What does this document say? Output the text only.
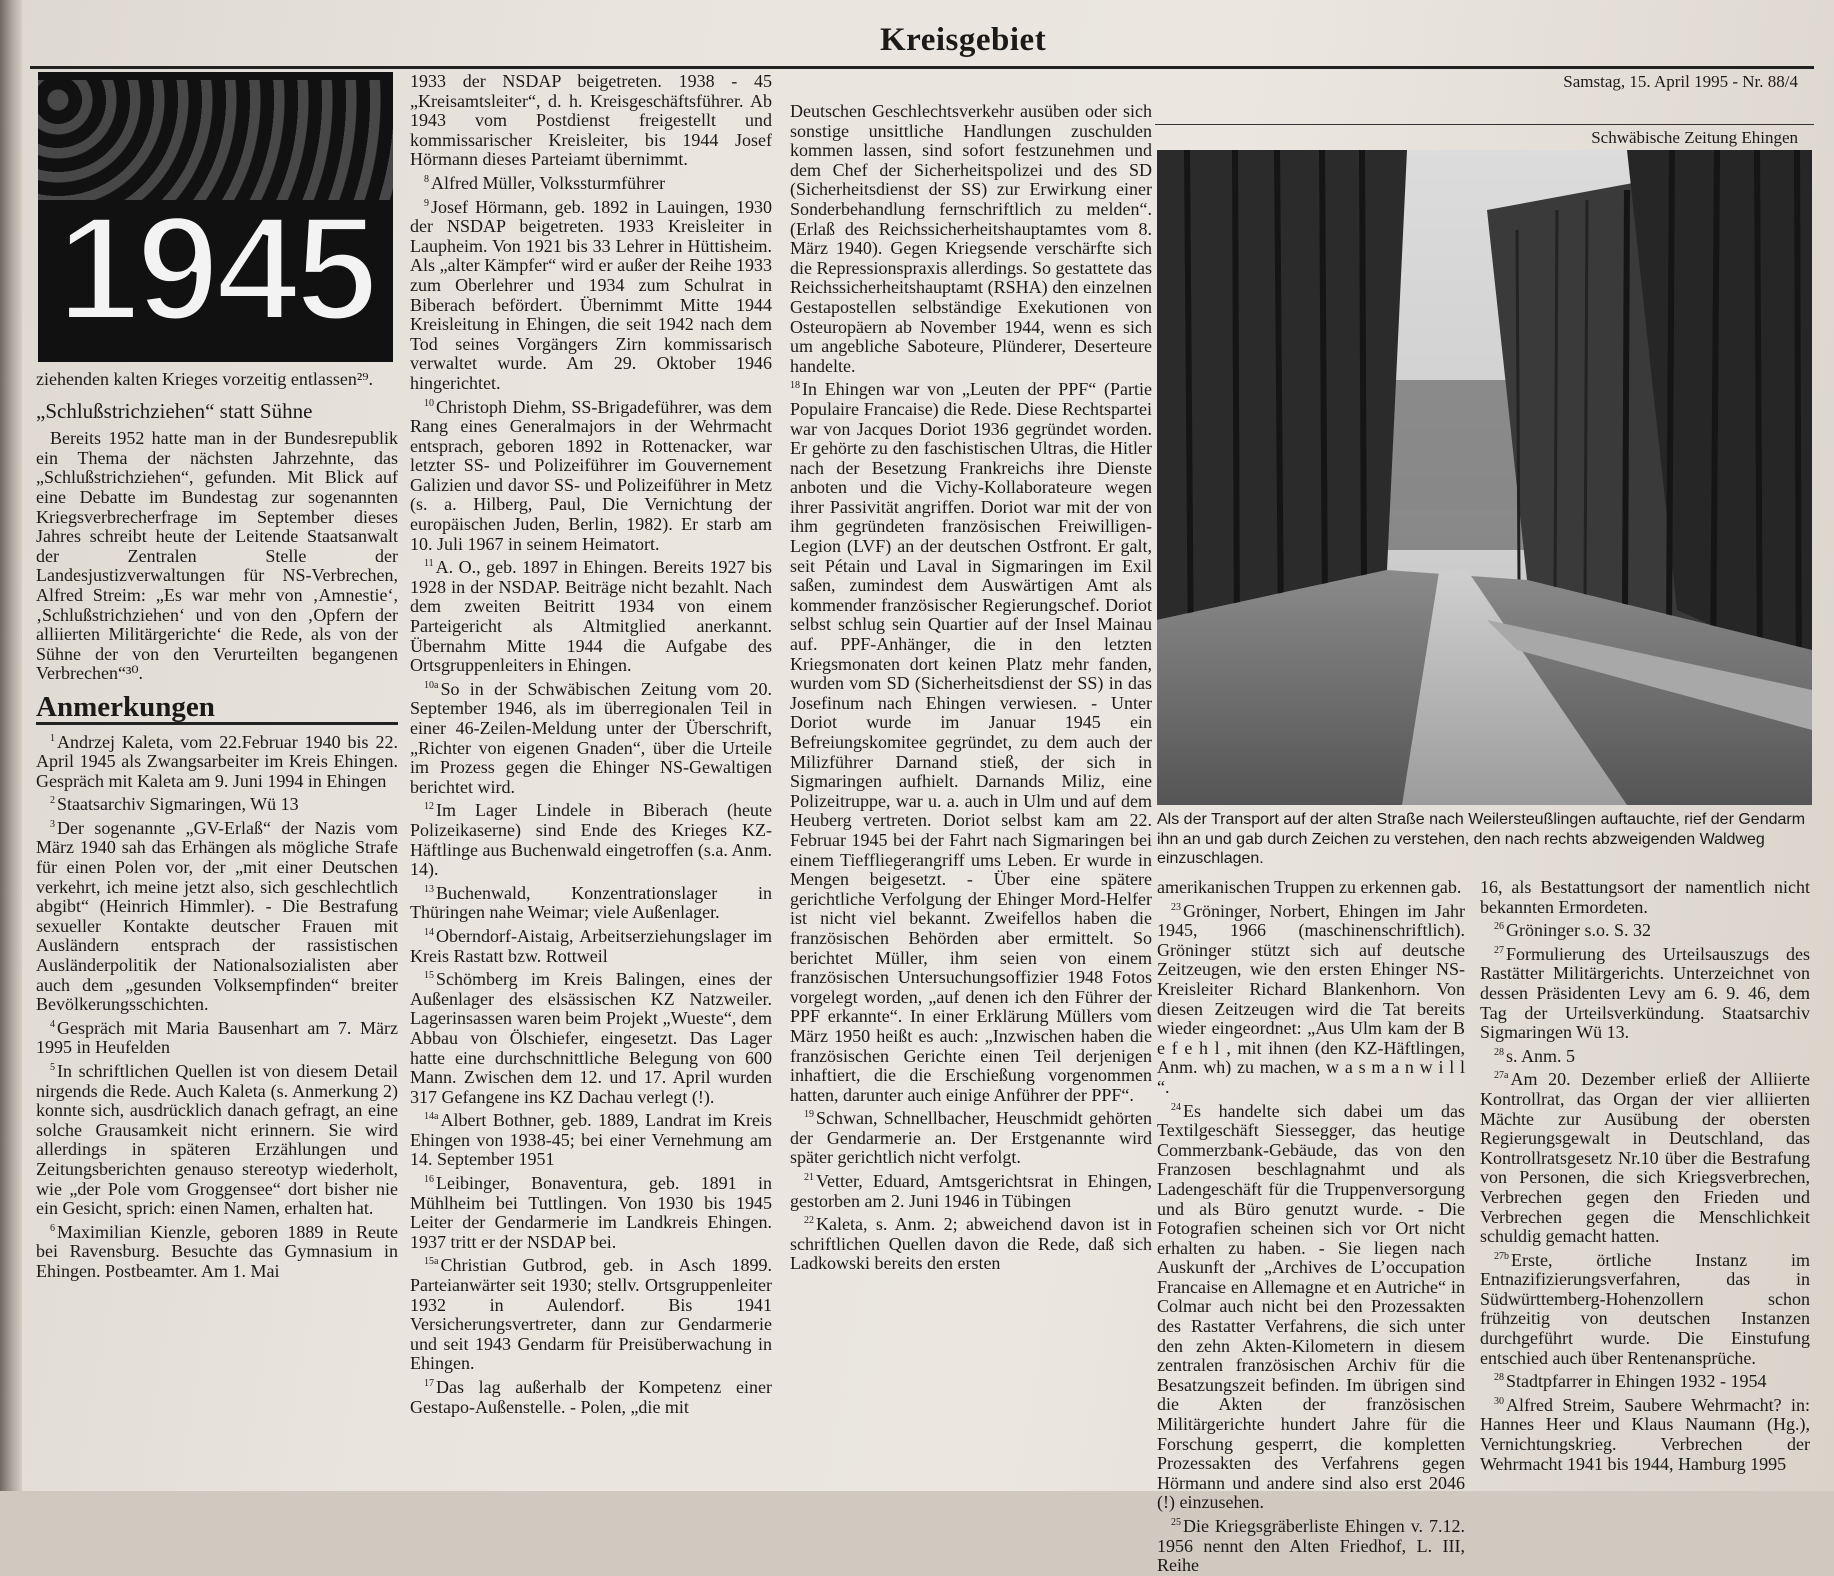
Kreisgebiet
Samstag, 15. April 1995 - Nr. 88/4
Schwäbische Zeitung Ehingen
1945

ziehenden kalten Krieges vorzeitig entlassen²⁹.

„Schlußstrichziehen“ statt Sühne

Bereits 1952 hatte man in der Bundesrepublik ein Thema der nächsten Jahrzehnte, das „Schlußstrichziehen“, gefunden. Mit Blick auf eine Debatte im Bundestag zur sogenannten Kriegsverbrecherfrage im September dieses Jahres schreibt heute der Leitende Staatsanwalt der Zentralen Stelle der Landesjustizverwaltungen für NS-Verbrechen, Alfred Streim: „Es war mehr von ‚Amnestie‘, ‚Schlußstrichziehen‘ und von den ‚Opfern der alliierten Militärgerichte‘ die Rede, als von der Sühne der von den Verurteilten begangenen Verbrechen“³⁰.

Anmerkungen

$^1$ Andrzej Kaleta, vom 22.Februar 1940 bis 22. April 1945 als Zwangsarbeiter im Kreis Ehingen. Gespräch mit Kaleta am 9. Juni 1994 in Ehingen

$^2$ Staatsarchiv Sigmaringen, Wü 13

$^3$ Der sogenannte „GV-Erlaß“ der Nazis vom März 1940 sah das Erhängen als mögliche Strafe für einen Polen vor, der „mit einer Deutschen verkehrt, ich meine jetzt also, sich geschlechtlich abgibt“ (Heinrich Himmler). - Die Bestrafung sexueller Kontakte deutscher Frauen mit Ausländern entsprach der rassistischen Ausländerpolitik der Nationalsozialisten aber auch dem „gesunden Volksempfinden“ breiter Bevölkerungsschichten.

$^4$ Gespräch mit Maria Bausenhart am 7. März 1995 in Heufelden

$^5$ In schriftlichen Quellen ist von diesem Detail nirgends die Rede. Auch Kaleta (s. Anmerkung 2) konnte sich, ausdrücklich danach gefragt, an eine solche Grausamkeit nicht erinnern. Sie wird allerdings in späteren Erzählungen und Zeitungsberichten genauso stereotyp wiederholt, wie „der Pole vom Groggensee“ dort bisher nie ein Gesicht, sprich: einen Namen, erhalten hat.

$^6$ Maximilian Kienzle, geboren 1889 in Reute bei Ravensburg. Besuchte das Gymnasium in Ehingen. Postbeamter. Am 1. Mai

1933 der NSDAP beigetreten. 1938 - 45 „Kreisamtsleiter“, d. h. Kreisgeschäftsführer. Ab 1943 vom Postdienst freigestellt und kommissarischer Kreisleiter, bis 1944 Josef Hörmann dieses Parteiamt übernimmt.

$^8$ Alfred Müller, Volkssturmführer

$^9$ Josef Hörmann, geb. 1892 in Lauingen, 1930 der NSDAP beigetreten. 1933 Kreisleiter in Laupheim. Von 1921 bis 33 Lehrer in Hüttisheim. Als „alter Kämpfer“ wird er außer der Reihe 1933 zum Oberlehrer und 1934 zum Schulrat in Biberach befördert. Übernimmt Mitte 1944 Kreisleitung in Ehingen, die seit 1942 nach dem Tod seines Vorgängers Zirn kommissarisch verwaltet wurde. Am 29. Oktober 1946 hingerichtet.

$^{10}$ Christoph Diehm, SS-Brigadeführer, was dem Rang eines Generalmajors in der Wehrmacht entsprach, geboren 1892 in Rottenacker, war letzter SS- und Polizeiführer im Gouvernement Galizien und davor SS- und Polizeiführer in Metz (s. a. Hilberg, Paul, Die Vernichtung der europäischen Juden, Berlin, 1982). Er starb am 10. Juli 1967 in seinem Heimatort.

$^{11}$ A. O., geb. 1897 in Ehingen. Bereits 1927 bis 1928 in der NSDAP. Beiträge nicht bezahlt. Nach dem zweiten Beitritt 1934 von einem Parteigericht als Altmitglied anerkannt. Übernahm Mitte 1944 die Aufgabe des Ortsgruppenleiters in Ehingen.

$^{10a}$ So in der Schwäbischen Zeitung vom 20. September 1946, als im überregionalen Teil in einer 46-Zeilen-Meldung unter der Überschrift, „Richter von eigenen Gnaden“, über die Urteile im Prozess gegen die Ehinger NS-Gewaltigen berichtet wird.

$^{12}$ Im Lager Lindele in Biberach (heute Polizeikaserne) sind Ende des Krieges KZ-Häftlinge aus Buchenwald eingetroffen (s.a. Anm. 14).

$^{13}$ Buchenwald, Konzentrationslager in Thüringen nahe Weimar; viele Außenlager.

$^{14}$ Oberndorf-Aistaig, Arbeitserziehungslager im Kreis Rastatt bzw. Rottweil

$^{15}$ Schömberg im Kreis Balingen, eines der Außenlager des elsässischen KZ Natzweiler. Lagerinsassen waren beim Projekt „Wueste“, dem Abbau von Ölschiefer, eingesetzt. Das Lager hatte eine durchschnittliche Belegung von 600 Mann. Zwischen dem 12. und 17. April wurden 317 Gefangene ins KZ Dachau verlegt (!).

$^{14a}$ Albert Bothner, geb. 1889, Landrat im Kreis Ehingen von 1938-45; bei einer Vernehmung am 14. September 1951

$^{16}$ Leibinger, Bonaventura, geb. 1891 in Mühlheim bei Tuttlingen. Von 1930 bis 1945 Leiter der Gendarmerie im Landkreis Ehingen. 1937 tritt er der NSDAP bei.

$^{15a}$ Christian Gutbrod, geb. in Asch 1899. Parteianwärter seit 1930; stellv. Ortsgruppenleiter 1932 in Aulendorf. Bis 1941 Versicherungsvertreter, dann zur Gendarmerie und seit 1943 Gendarm für Preisüberwachung in Ehingen.

$^{17}$ Das lag außerhalb der Kompetenz einer Gestapo-Außenstelle. - Polen, „die mit

Deutschen Geschlechtsverkehr ausüben oder sich sonstige unsittliche Handlungen zuschulden kommen lassen, sind sofort festzunehmen und dem Chef der Sicherheitspolizei und des SD (Sicherheitsdienst der SS) zur Erwirkung einer Sonderbehandlung fernschriftlich zu melden“. (Erlaß des Reichssicherheitshauptamtes vom 8. März 1940). Gegen Kriegsende verschärfte sich die Repressionspraxis allerdings. So gestattete das Reichssicherheitshauptamt (RSHA) den einzelnen Gestapostellen selbständige Exekutionen von Osteuropäern ab November 1944, wenn es sich um angebliche Saboteure, Plünderer, Deserteure handelte.

$^{18}$ In Ehingen war von „Leuten der PPF“ (Partie Populaire Francaise) die Rede. Diese Rechtspartei war von Jacques Doriot 1936 gegründet worden. Er gehörte zu den faschistischen Ultras, die Hitler nach der Besetzung Frankreichs ihre Dienste anboten und die Vichy-Kollaborateure wegen ihrer Passivität angriffen. Doriot war mit der von ihm gegründeten französischen Freiwilligen-Legion (LVF) an der deutschen Ostfront. Er galt, seit Pétain und Laval in Sigmaringen im Exil saßen, zumindest dem Auswärtigen Amt als kommender französischer Regierungschef. Doriot selbst schlug sein Quartier auf der Insel Mainau auf. PPF-Anhänger, die in den letzten Kriegsmonaten dort keinen Platz mehr fanden, wurden vom SD (Sicherheitsdienst der SS) in das Josefinum nach Ehingen verwiesen. - Unter Doriot wurde im Januar 1945 ein Befreiungskomitee gegründet, zu dem auch der Milizführer Darnand stieß, der sich in Sigmaringen aufhielt. Darnands Miliz, eine Polizeitruppe, war u. a. auch in Ulm und auf dem Heuberg vertreten. Doriot selbst kam am 22. Februar 1945 bei der Fahrt nach Sigmaringen bei einem Tieffliegerangriff ums Leben. Er wurde in Mengen beigesetzt. - Über eine spätere gerichtliche Verfolgung der Ehinger Mord-Helfer ist nicht viel bekannt. Zweifellos haben die französischen Behörden aber ermittelt. So berichtet Müller, ihm seien von einem französischen Untersuchungsoffizier 1948 Fotos vorgelegt worden, „auf denen ich den Führer der PPF erkannte“. In einer Erklärung Müllers vom März 1950 heißt es auch: „Inzwischen haben die französischen Gerichte einen Teil derjenigen inhaftiert, die die Erschießung vorgenommen hatten, darunter auch einige Anführer der PPF“.

$^{19}$ Schwan, Schnellbacher, Heuschmidt gehörten der Gendarmerie an. Der Erstgenannte wird später gerichtlich nicht verfolgt.

$^{21}$ Vetter, Eduard, Amtsgerichtsrat in Ehingen, gestorben am 2. Juni 1946 in Tübingen

$^{22}$ Kaleta, s. Anm. 2; abweichend davon ist in schriftlichen Quellen davon die Rede, daß sich Ladkowski bereits den ersten

Als der Transport auf der alten Straße nach Weilersteußlingen auftauchte, rief der Gendarm ihn an und gab durch Zeichen zu verstehen, den nach rechts abzweigenden Waldweg einzuschlagen.

amerikanischen Truppen zu erkennen gab.

$^{23}$ Gröninger, Norbert, Ehingen im Jahr 1945, 1966 (maschinenschriftlich). Gröninger stützt sich auf deutsche Zeitzeugen, wie den ersten Ehinger NS-Kreisleiter Richard Blankenhorn. Von diesen Zeitzeugen wird die Tat bereits wieder eingeordnet: „Aus Ulm kam der B e f e h l , mit ihnen (den KZ-Häftlingen, Anm. wh) zu machen, w a s m a n w i l l “.

$^{24}$ Es handelte sich dabei um das Textilgeschäft Siessegger, das heutige Commerzbank-Gebäude, das von den Franzosen beschlagnahmt und als Ladengeschäft für die Truppenversorgung und als Büro genutzt wurde. - Die Fotografien scheinen sich vor Ort nicht erhalten zu haben. - Sie liegen nach Auskunft der „Archives de L’occupation Francaise en Allemagne et en Autriche“ in Colmar auch nicht bei den Prozessakten des Rastatter Verfahrens, die sich unter den zehn Akten-Kilometern in diesem zentralen französischen Archiv für die Besatzungszeit befinden. Im übrigen sind die Akten der französischen Militärgerichte hundert Jahre für die Forschung gesperrt, die kompletten Prozessakten des Verfahrens gegen Hörmann und andere sind also erst 2046 (!) einzusehen.

$^{25}$ Die Kriegsgräberliste Ehingen v. 7.12. 1956 nennt den Alten Friedhof, L. III, Reihe

16, als Bestattungsort der namentlich nicht bekannten Ermordeten.

$^{26}$ Gröninger s.o. S. 32

$^{27}$ Formulierung des Urteilsauszugs des Rastätter Militärgerichts. Unterzeichnet von dessen Präsidenten Levy am 6. 9. 46, dem Tag der Urteilsverkündung. Staatsarchiv Sigmaringen Wü 13.

$^{28}$ s. Anm. 5

$^{27a}$ Am 20. Dezember erließ der Alliierte Kontrollrat, das Organ der vier alliierten Mächte zur Ausübung der obersten Regierungsgewalt in Deutschland, das Kontrollratsgesetz Nr.10 über die Bestrafung von Personen, die sich Kriegsverbrechen, Verbrechen gegen den Frieden und Verbrechen gegen die Menschlichkeit schuldig gemacht hatten.

$^{27b}$ Erste, örtliche Instanz im Entnazifizierungsverfahren, das in Südwürttemberg-Hohenzollern schon frühzeitig von deutschen Instanzen durchgeführt wurde. Die Einstufung entschied auch über Rentenansprüche.

$^{28}$ Stadtpfarrer in Ehingen 1932 - 1954

$^{30}$ Alfred Streim, Saubere Wehrmacht? in: Hannes Heer und Klaus Naumann (Hg.), Vernichtungskrieg. Verbrechen der Wehrmacht 1941 bis 1944, Hamburg 1995
